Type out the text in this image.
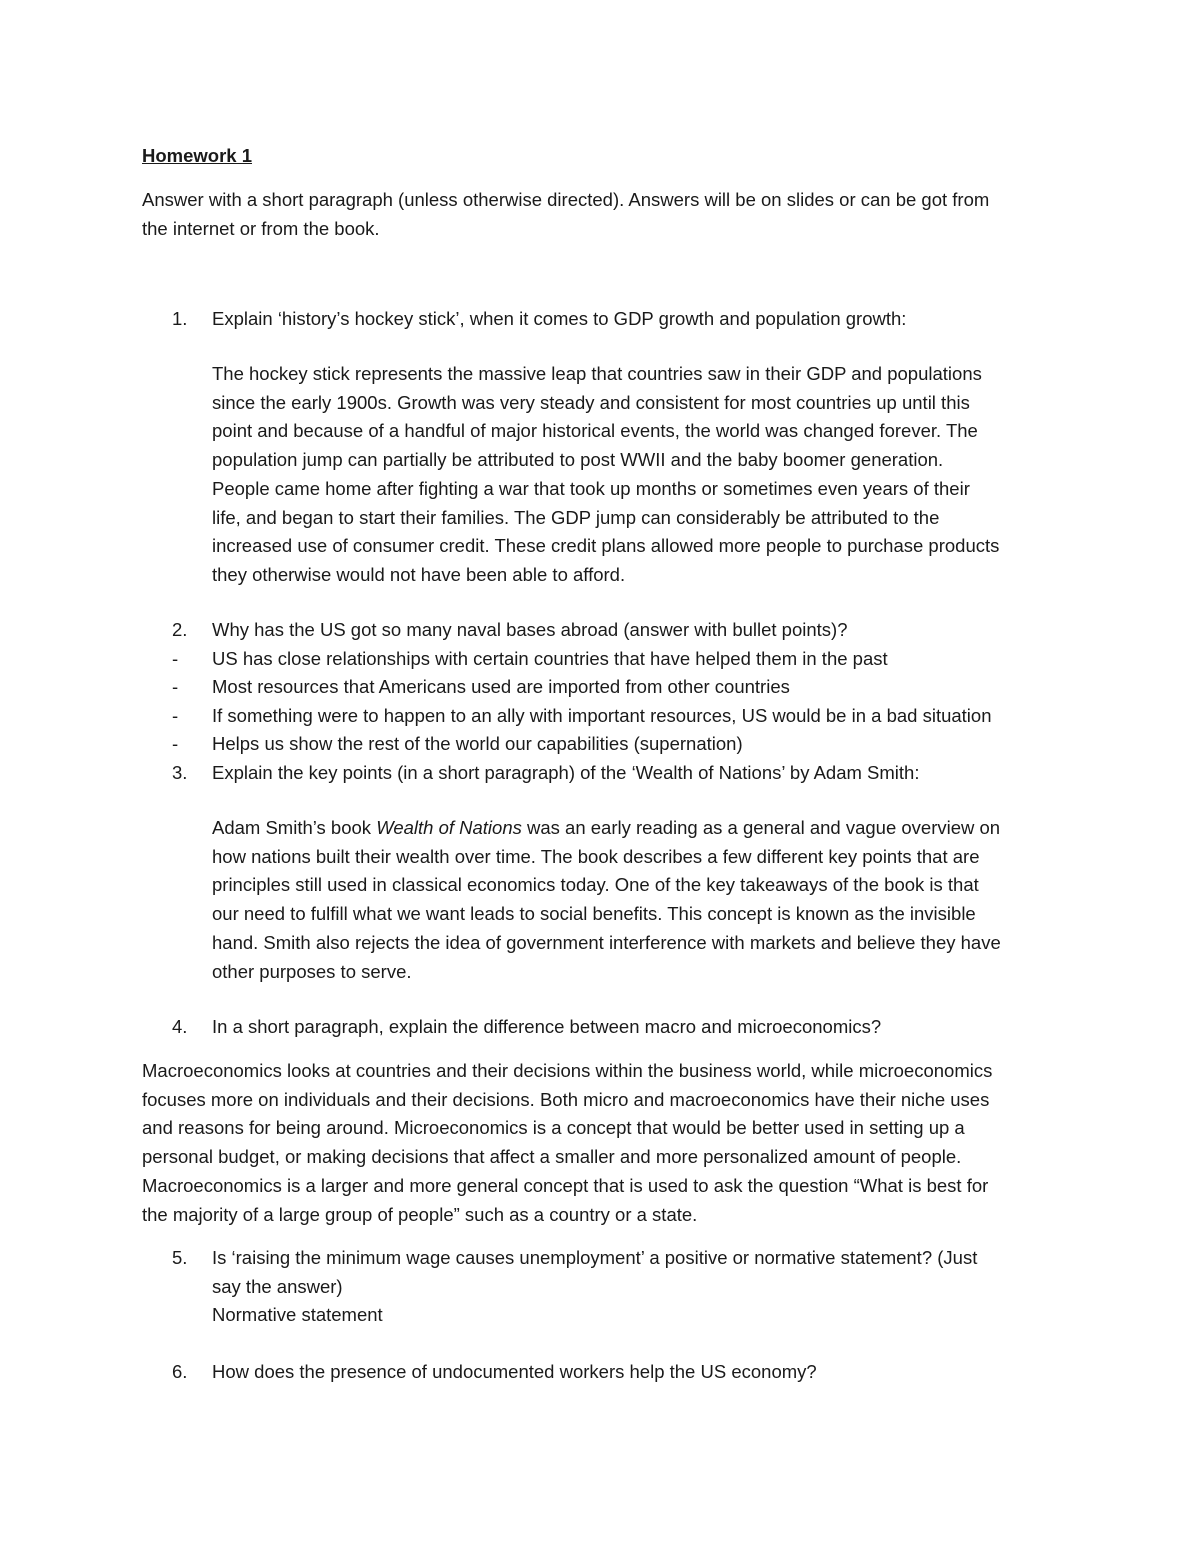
Homework 1
Answer with a short paragraph (unless otherwise directed). Answers will be on slides or can be got from
the internet or from the book.
1. Explain ‘history’s hockey stick’, when it comes to GDP growth and population growth:
The hockey stick represents the massive leap that countries saw in their GDP and populations
since the early 1900s. Growth was very steady and consistent for most countries up until this
point and because of a handful of major historical events, the world was changed forever. The
population jump can partially be attributed to post WWII and the baby boomer generation.
People came home after fighting a war that took up months or sometimes even years of their
life, and began to start their families. The GDP jump can considerably be attributed to the
increased use of consumer credit. These credit plans allowed more people to purchase products
they otherwise would not have been able to afford.
2. Why has the US got so many naval bases abroad (answer with bullet points)?
- US has close relationships with certain countries that have helped them in the past
- Most resources that Americans used are imported from other countries
- If something were to happen to an ally with important resources, US would be in a bad situation
- Helps us show the rest of the world our capabilities (supernation)
3. Explain the key points (in a short paragraph) of the ‘Wealth of Nations’ by Adam Smith:
Adam Smith’s book Wealth of Nations was an early reading as a general and vague overview on
how nations built their wealth over time. The book describes a few different key points that are
principles still used in classical economics today. One of the key takeaways of the book is that
our need to fulfill what we want leads to social benefits. This concept is known as the invisible
hand. Smith also rejects the idea of government interference with markets and believe they have
other purposes to serve.
4. In a short paragraph, explain the difference between macro and microeconomics?
Macroeconomics looks at countries and their decisions within the business world, while microeconomics
focuses more on individuals and their decisions. Both micro and macroeconomics have their niche uses
and reasons for being around. Microeconomics is a concept that would be better used in setting up a
personal budget, or making decisions that affect a smaller and more personalized amount of people.
Macroeconomics is a larger and more general concept that is used to ask the question “What is best for
the majority of a large group of people” such as a country or a state.
5. Is ‘raising the minimum wage causes unemployment’ a positive or normative statement? (Just
say the answer)
Normative statement
6. How does the presence of undocumented workers help the US economy?
